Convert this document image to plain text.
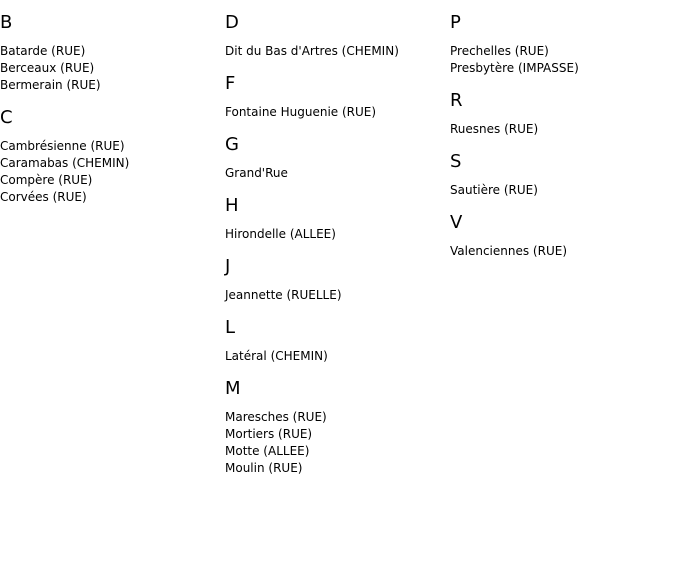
B
Batarde (RUE)
Berceaux (RUE)
Bermerain (RUE)
C
Cambrésienne (RUE)
Caramabas (CHEMIN)
Compère (RUE)
Corvées (RUE)
D
Dit du Bas d'Artres (CHEMIN)
F
Fontaine Huguenie (RUE)
G
Grand'Rue
H
Hirondelle (ALLEE)
J
Jeannette (RUELLE)
L
Latéral (CHEMIN)
M
Maresches (RUE)
Mortiers (RUE)
Motte (ALLEE)
Moulin (RUE)
P
Prechelles (RUE)
Presbytère (IMPASSE)
R
Ruesnes (RUE)
S
Sautière (RUE)
V
Valenciennes (RUE)
